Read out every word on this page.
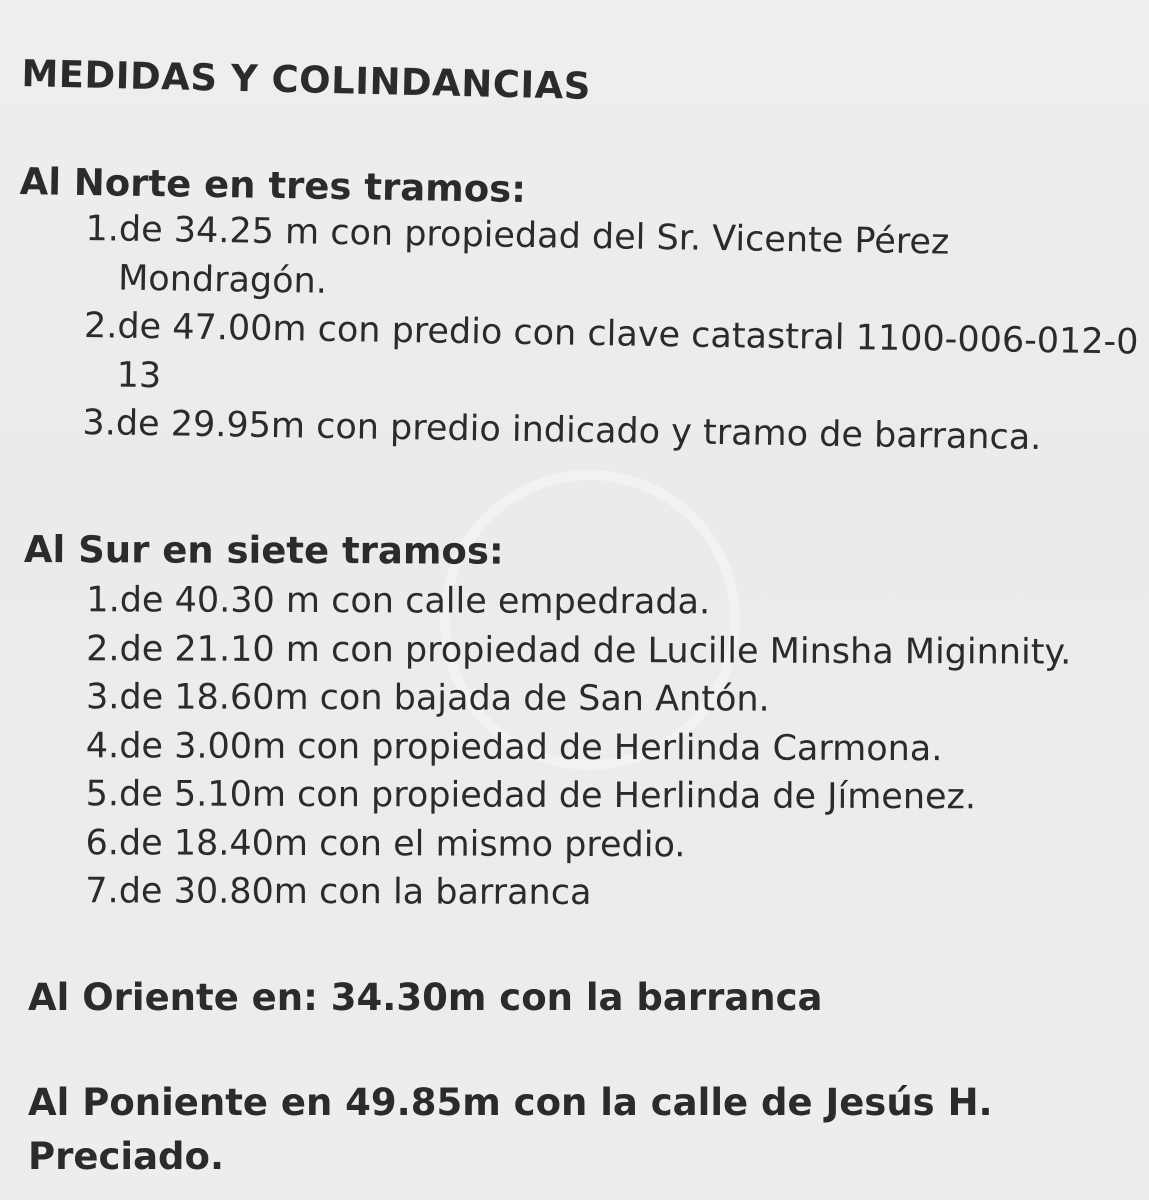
MEDIDAS Y COLINDANCIAS
Al Norte en tres tramos:
1. de 34.25 m con propiedad del Sr. Vicente Pérez Mondragón.
2. de 47.00m con predio con clave catastral 1100-006-012-013
3. de 29.95m con predio indicado y tramo de barranca.
Al Sur en siete tramos:
1. de 40.30 m con calle empedrada.
2. de 21.10 m con propiedad de Lucille Minsha Miginnity.
3. de 18.60m con bajada de San Antón.
4. de 3.00m con propiedad de Herlinda Carmona.
5. de 5.10m con propiedad de Herlinda de Jímenez.
6. de 18.40m con el mismo predio.
7. de 30.80m con la barranca

Al Oriente en: 34.30m con la barranca

Al Poniente en 49.85m con la calle de Jesús H.
Preciado.
